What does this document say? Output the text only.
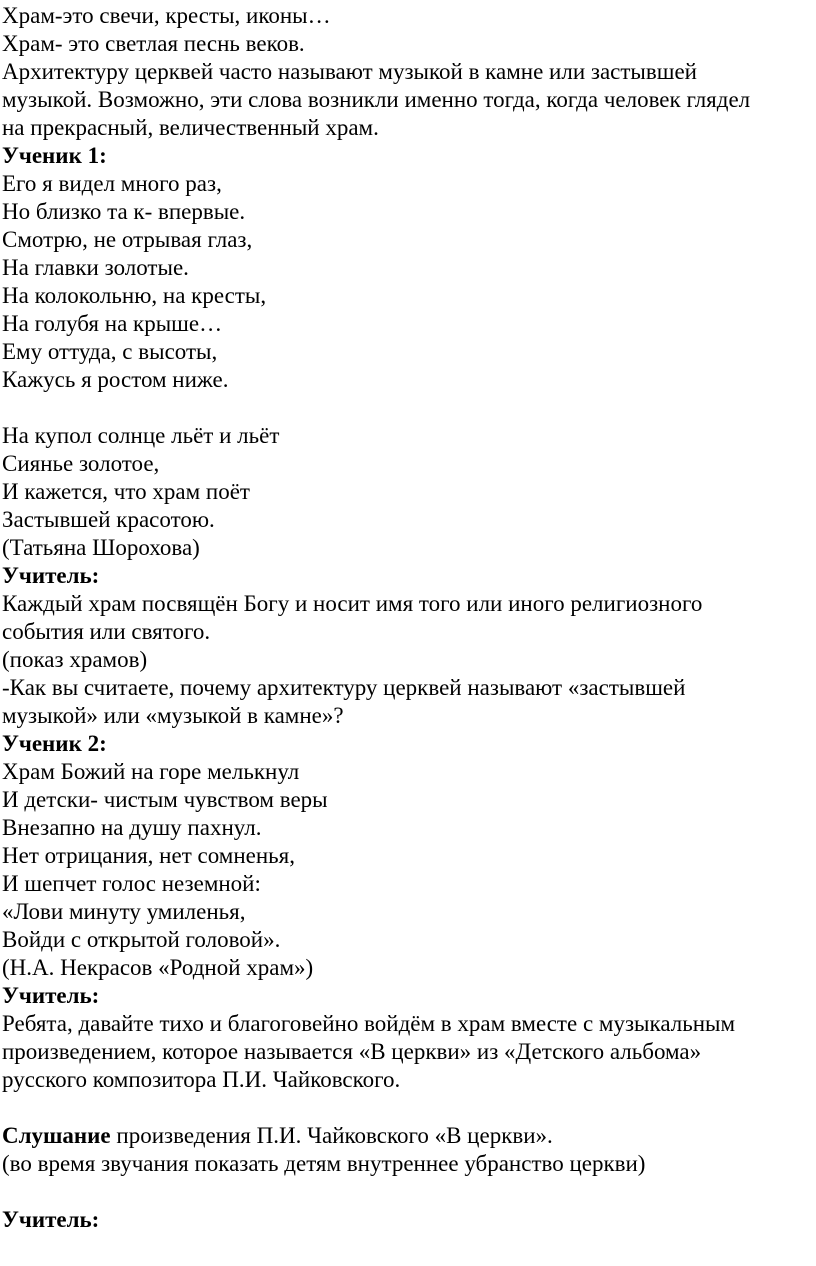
Храм-это свечи, кресты, иконы…
Храм- это светлая песнь веков.
Архитектуру церквей часто называют музыкой в камне или застывшей
музыкой. Возможно, эти слова возникли именно тогда, когда человек глядел
на прекрасный, величественный храм.
Ученик 1:
Его я видел много раз,
Но близко та к- впервые.
Смотрю, не отрывая глаз,
На главки золотые.
На колокольню, на кресты,
На голубя на крыше…
Ему оттуда, с высоты,
Кажусь я ростом ниже.
На купол солнце льёт и льёт
Сиянье золотое,
И кажется, что храм поёт
Застывшей красотою.
(Татьяна Шорохова)
Учитель:
Каждый храм посвящён Богу и носит имя того или иного религиозного
события или святого.
(показ храмов)
-Как вы считаете, почему архитектуру церквей называют «застывшей
музыкой» или «музыкой в камне»?
Ученик 2:
Храм Божий на горе мелькнул
И детски- чистым чувством веры
Внезапно на душу пахнул.
Нет отрицания, нет сомненья,
И шепчет голос неземной:
«Лови минуту умиленья,
Войди с открытой головой».
(Н.А. Некрасов «Родной храм»)
Учитель:
Ребята, давайте тихо и благоговейно войдём в храм вместе с музыкальным
произведением, которое называется «В церкви» из «Детского альбома»
русского композитора П.И. Чайковского.
Слушание произведения П.И. Чайковского «В церкви».
(во время звучания показать детям внутреннее убранство церкви)
Учитель:
